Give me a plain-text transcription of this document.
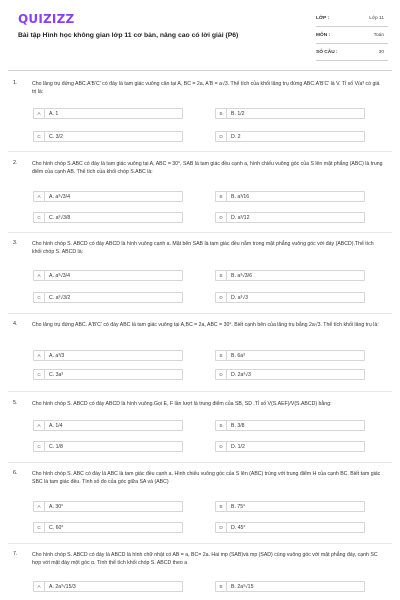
QUIZIZZ
Bài tập Hình học không gian lớp 11 cơ bản, nâng cao có lời giải (P6)
LỚP :	Lớp 11
MÔN :	Toán
SỐ CÂU :	30
1.	Cho lăng trụ đứng ABC.A'B'C' có đáy là tam giác vuông cân tại A, BC = 2a, A'B = a√3. Thể tích của khối lăng trụ đứng ABC.A'B'C' là V. Tỉ số V/a³ có giá trị là:
A	A. 1	B	B. 1/2
C	C. 3/2	D	D. 2
2.	Cho hình chóp S.ABC có đáy là tam giác vuông tại A, ABC = 30°, SAB là tam giác đều cạnh a, hình chiếu vuông góc của S lên mặt phẳng (ABC) là trung điểm của cạnh AB. Thể tích của khối chóp S.ABC là:
A	A. a³√3/4	B	B. a³/16
C	C. a³√3/8	D	D. a³/12
3.	Cho hình chóp S. ABCD có đáy ABCD là hình vuông cạnh a. Mặt bên SAB là tam giác đều nằm trong mặt phẳng vuông góc với đáy (ABCD).Thể tích khối chóp S. ABCD là:
A	A. a³√3/4	B	B. a³√3/6
C	C. a³√3/2	D	D. a³√3
4.	Cho lăng trụ đứng ABC. A'B'C' có đáy ABC là tam giác vuông tại A,BC = 2a, ABC = 30°. Biết cạnh bên của lăng trụ bằng 2a√3. Thể tích khối lăng trụ là:
A	A. a³/3	B	B. 6a³
C	C. 3a³	D	D. 2a³√3
5.	Cho hình chóp S. ABCD có đáy ABCD là hình vuông.Gọi E, F lần lượt là trung điểm của SB, SD .Tỉ số V(S.AEF)/V(S.ABCD) bằng:
A	A. 1/4	B	B. 3/8
C	C. 1/8	D	D. 1/2
6.	Cho hình chóp S. ABC có đáy là ABC là tam giác đều cạnh a. Hình chiếu vuông góc của S lên (ABC) trùng với trung điểm H của cạnh BC. Biết tam giác SBC là tam giác đều. Tính số đo của góc giữa SA và (ABC)
A	A. 30°	B	B. 75°
C	C. 60°	D	D. 45°
7.	Cho hình chóp S. ABCD có đáy là ABCD là hình chữ nhật có AB = a, BC= 2a. Hai mp (SAB)và mp (SAD) cùng vuông góc với mặt phẳng đáy, cạnh SC hợp với mặt đáy một góc α. Tính thể tích khối chóp S. ABCD theo a
A	A. 2a³√15/3	B	B. 2a³√15
